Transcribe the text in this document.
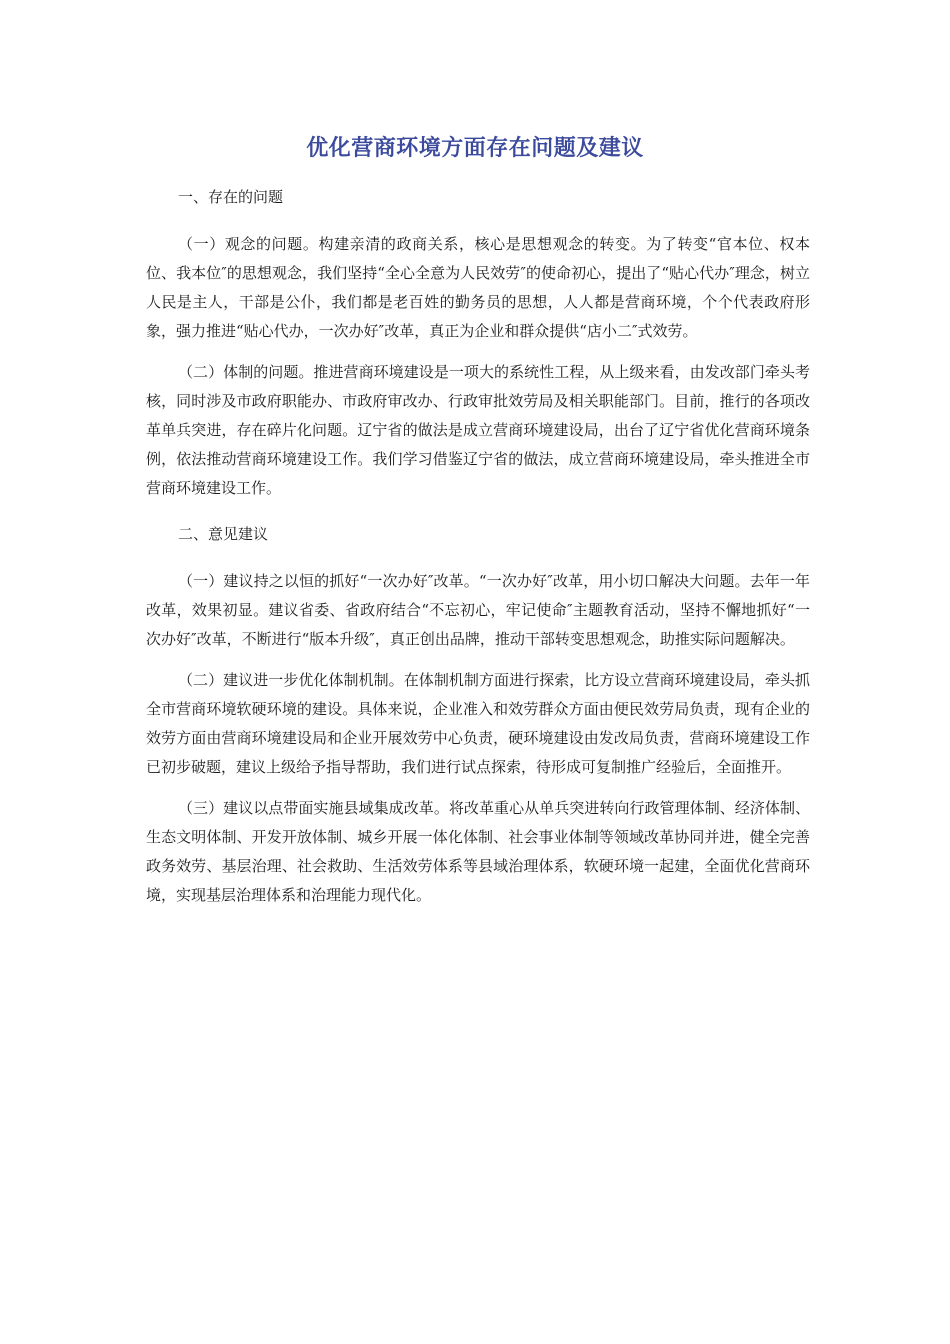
优化营商环境方面存在问题及建议

一、存在的问题

（一）观念的问题。构建亲清的政商关系，核心是思想观念的转变。为了转变“官本位、权本位、我本位″的思想观念，我们坚持“全心全意为人民效劳″的使命初心，提出了“贴心代办″理念，树立人民是主人，干部是公仆，我们都是老百姓的勤务员的思想，人人都是营商环境，个个代表政府形象，强力推进“贴心代办，一次办好″改革，真正为企业和群众提供“店小二″式效劳。

（二）体制的问题。推进营商环境建设是一项大的系统性工程，从上级来看，由发改部门牵头考核，同时涉及市政府职能办、市政府审改办、行政审批效劳局及相关职能部门。目前，推行的各项改革单兵突进，存在碎片化问题。辽宁省的做法是成立营商环境建设局，出台了辽宁省优化营商环境条例，依法推动营商环境建设工作。我们学习借鉴辽宁省的做法，成立营商环境建设局，牵头推进全市营商环境建设工作。

二、意见建议

（一）建议持之以恒的抓好“一次办好″改革。“一次办好″改革，用小切口解决大问题。去年一年改革，效果初显。建议省委、省政府结合“不忘初心，牢记使命″主题教育活动，坚持不懈地抓好“一次办好″改革，不断进行“版本升级″，真正创出品牌，推动干部转变思想观念，助推实际问题解决。

（二）建议进一步优化体制机制。在体制机制方面进行探索，比方设立营商环境建设局，牵头抓全市营商环境软硬环境的建设。具体来说，企业准入和效劳群众方面由便民效劳局负责，现有企业的效劳方面由营商环境建设局和企业开展效劳中心负责，硬环境建设由发改局负责，营商环境建设工作已初步破题，建议上级给予指导帮助，我们进行试点探索，待形成可复制推广经验后，全面推开。

（三）建议以点带面实施县域集成改革。将改革重心从单兵突进转向行政管理体制、经济体制、生态文明体制、开发开放体制、城乡开展一体化体制、社会事业体制等领域改革协同并进，健全完善政务效劳、基层治理、社会救助、生活效劳体系等县域治理体系，软硬环境一起建，全面优化营商环境，实现基层治理体系和治理能力现代化。
